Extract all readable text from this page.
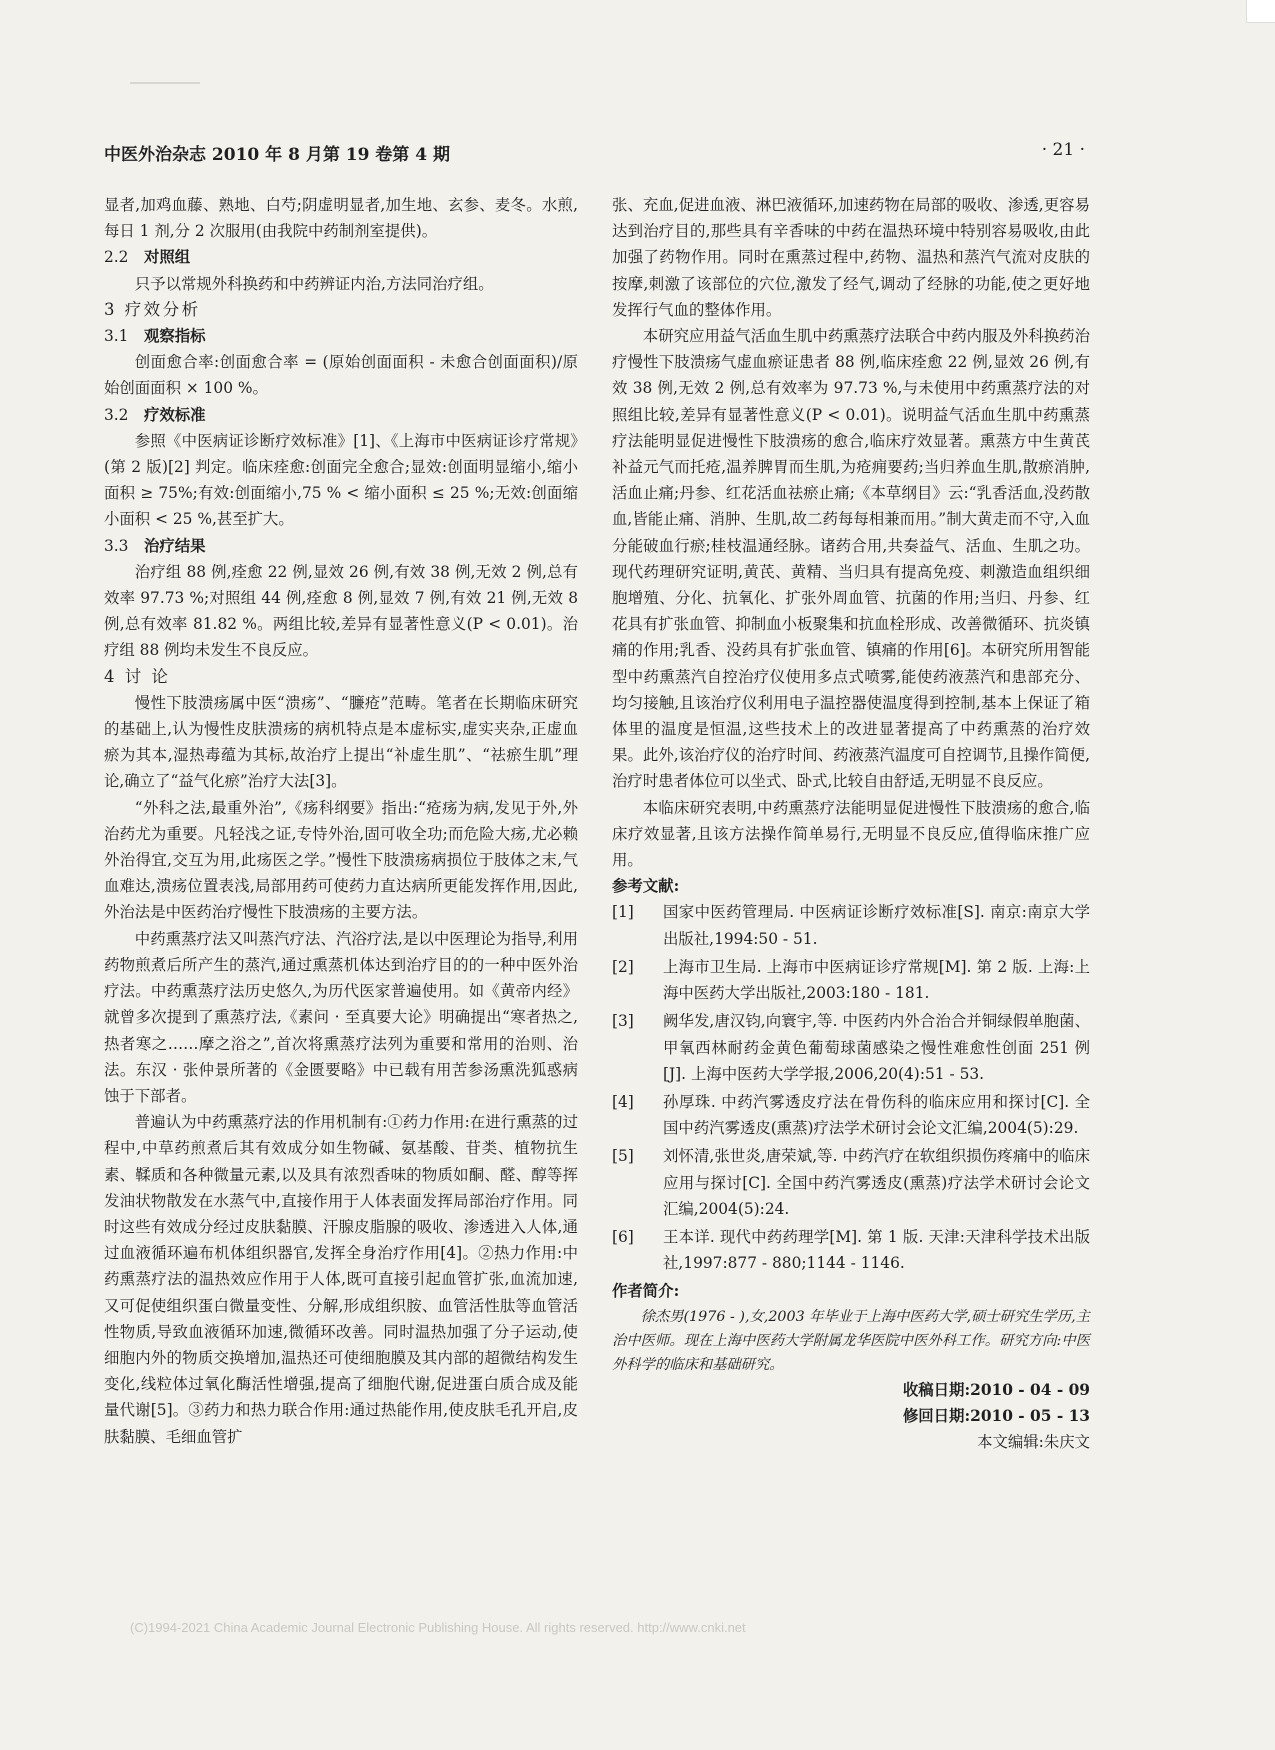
中医外治杂志 2010 年 8 月第 19 卷第 4 期	· 21 ·

显者,加鸡血藤、熟地、白芍;阴虚明显者,加生地、玄参、麦冬。水煎,每日 1 剂,分 2 次服用(由我院中药制剂室提供)。

2.2 对照组

只予以常规外科换药和中药辨证内治,方法同治疗组。

3 疗效分析

3.1 观察指标

创面愈合率:创面愈合率 = (原始创面面积 - 未愈合创面面积)/原始创面面积 × 100 %。

3.2 疗效标准

参照《中医病证诊断疗效标准》[1]、《上海市中医病证诊疗常规》(第 2 版)[2] 判定。临床痊愈:创面完全愈合;显效:创面明显缩小,缩小面积 ≥ 75%;有效:创面缩小,75 % < 缩小面积 ≤ 25 %;无效:创面缩小面积 < 25 %,甚至扩大。

3.3 治疗结果

治疗组 88 例,痊愈 22 例,显效 26 例,有效 38 例,无效 2 例,总有效率 97.73 %;对照组 44 例,痊愈 8 例,显效 7 例,有效 21 例,无效 8 例,总有效率 81.82 %。两组比较,差异有显著性意义(P < 0.01)。治疗组 88 例均未发生不良反应。

4 讨 论

慢性下肢溃疡属中医“溃疡”、“臁疮”范畴。笔者在长期临床研究的基础上,认为慢性皮肤溃疡的病机特点是本虚标实,虚实夹杂,正虚血瘀为其本,湿热毒蕴为其标,故治疗上提出“补虚生肌”、“祛瘀生肌”理论,确立了“益气化瘀”治疗大法[3]。

“外科之法,最重外治”,《疡科纲要》指出:“疮疡为病,发见于外,外治药尤为重要。凡轻浅之证,专恃外治,固可收全功;而危险大疡,尤必赖外治得宜,交互为用,此疡医之学。”慢性下肢溃疡病损位于肢体之末,气血难达,溃疡位置表浅,局部用药可使药力直达病所更能发挥作用,因此,外治法是中医药治疗慢性下肢溃疡的主要方法。

中药熏蒸疗法又叫蒸汽疗法、汽浴疗法,是以中医理论为指导,利用药物煎煮后所产生的蒸汽,通过熏蒸机体达到治疗目的的一种中医外治疗法。中药熏蒸疗法历史悠久,为历代医家普遍使用。如《黄帝内经》就曾多次提到了熏蒸疗法,《素问 · 至真要大论》明确提出“寒者热之,热者寒之……摩之浴之”,首次将熏蒸疗法列为重要和常用的治则、治法。东汉 · 张仲景所著的《金匮要略》中已载有用苦参汤熏洗狐惑病蚀于下部者。

普遍认为中药熏蒸疗法的作用机制有:①药力作用:在进行熏蒸的过程中,中草药煎煮后其有效成分如生物碱、氨基酸、苷类、植物抗生素、鞣质和各种微量元素,以及具有浓烈香味的物质如酮、醛、醇等挥发油状物散发在水蒸气中,直接作用于人体表面发挥局部治疗作用。同时这些有效成分经过皮肤黏膜、汗腺皮脂腺的吸收、渗透进入人体,通过血液循环遍布机体组织器官,发挥全身治疗作用[4]。②热力作用:中药熏蒸疗法的温热效应作用于人体,既可直接引起血管扩张,血流加速,又可促使组织蛋白微量变性、分解,形成组织胺、血管活性肽等血管活性物质,导致血液循环加速,微循环改善。同时温热加强了分子运动,使细胞内外的物质交换增加,温热还可使细胞膜及其内部的超微结构发生变化,线粒体过氧化酶活性增强,提高了细胞代谢,促进蛋白质合成及能量代谢[5]。③药力和热力联合作用:通过热能作用,使皮肤毛孔开启,皮肤黏膜、毛细血管扩

张、充血,促进血液、淋巴液循环,加速药物在局部的吸收、渗透,更容易达到治疗目的,那些具有辛香味的中药在温热环境中特别容易吸收,由此加强了药物作用。同时在熏蒸过程中,药物、温热和蒸汽气流对皮肤的按摩,刺激了该部位的穴位,激发了经气,调动了经脉的功能,使之更好地发挥行气血的整体作用。

本研究应用益气活血生肌中药熏蒸疗法联合中药内服及外科换药治疗慢性下肢溃疡气虚血瘀证患者 88 例,临床痊愈 22 例,显效 26 例,有效 38 例,无效 2 例,总有效率为 97.73 %,与未使用中药熏蒸疗法的对照组比较,差异有显著性意义(P < 0.01)。说明益气活血生肌中药熏蒸疗法能明显促进慢性下肢溃疡的愈合,临床疗效显著。熏蒸方中生黄芪补益元气而托疮,温养脾胃而生肌,为疮痈要药;当归养血生肌,散瘀消肿,活血止痛;丹参、红花活血祛瘀止痛;《本草纲目》云:“乳香活血,没药散血,皆能止痛、消肿、生肌,故二药每每相兼而用。”制大黄走而不守,入血分能破血行瘀;桂枝温通经脉。诸药合用,共奏益气、活血、生肌之功。现代药理研究证明,黄芪、黄精、当归具有提高免疫、刺激造血组织细胞增殖、分化、抗氧化、扩张外周血管、抗菌的作用;当归、丹参、红花具有扩张血管、抑制血小板聚集和抗血栓形成、改善微循环、抗炎镇痛的作用;乳香、没药具有扩张血管、镇痛的作用[6]。本研究所用智能型中药熏蒸汽自控治疗仪使用多点式喷雾,能使药液蒸汽和患部充分、均匀接触,且该治疗仪利用电子温控器使温度得到控制,基本上保证了箱体里的温度是恒温,这些技术上的改进显著提高了中药熏蒸的治疗效果。此外,该治疗仪的治疗时间、药液蒸汽温度可自控调节,且操作简便,治疗时患者体位可以坐式、卧式,比较自由舒适,无明显不良反应。

本临床研究表明,中药熏蒸疗法能明显促进慢性下肢溃疡的愈合,临床疗效显著,且该方法操作简单易行,无明显不良反应,值得临床推广应用。

参考文献:

[1] 国家中医药管理局. 中医病证诊断疗效标准[S]. 南京:南京大学出版社,1994:50 - 51.
[2] 上海市卫生局. 上海市中医病证诊疗常规[M]. 第 2 版. 上海:上海中医药大学出版社,2003:180 - 181.
[3] 阙华发,唐汉钧,向寰宇,等. 中医药内外合治合并铜绿假单胞菌、甲氧西林耐药金黄色葡萄球菌感染之慢性难愈性创面 251 例[J]. 上海中医药大学学报,2006,20(4):51 - 53.
[4] 孙厚珠. 中药汽雾透皮疗法在骨伤科的临床应用和探讨[C]. 全国中药汽雾透皮(熏蒸)疗法学术研讨会论文汇编,2004(5):29.
[5] 刘怀清,张世炎,唐荣斌,等. 中药汽疗在软组织损伤疼痛中的临床应用与探讨[C]. 全国中药汽雾透皮(熏蒸)疗法学术研讨会论文汇编,2004(5):24.
[6] 王本详. 现代中药药理学[M]. 第 1 版. 天津:天津科学技术出版社,1997:877 - 880;1144 - 1146.

作者简介:

徐杰男(1976 - ),女,2003 年毕业于上海中医药大学,硕士研究生学历,主治中医师。现在上海中医药大学附属龙华医院中医外科工作。研究方向:中医外科学的临床和基础研究。

收稿日期:2010 - 04 - 09

修回日期:2010 - 05 - 13

本文编辑:朱庆文

(C)1994-2021 China Academic Journal Electronic Publishing House. All rights reserved. http://www.cnki.net
